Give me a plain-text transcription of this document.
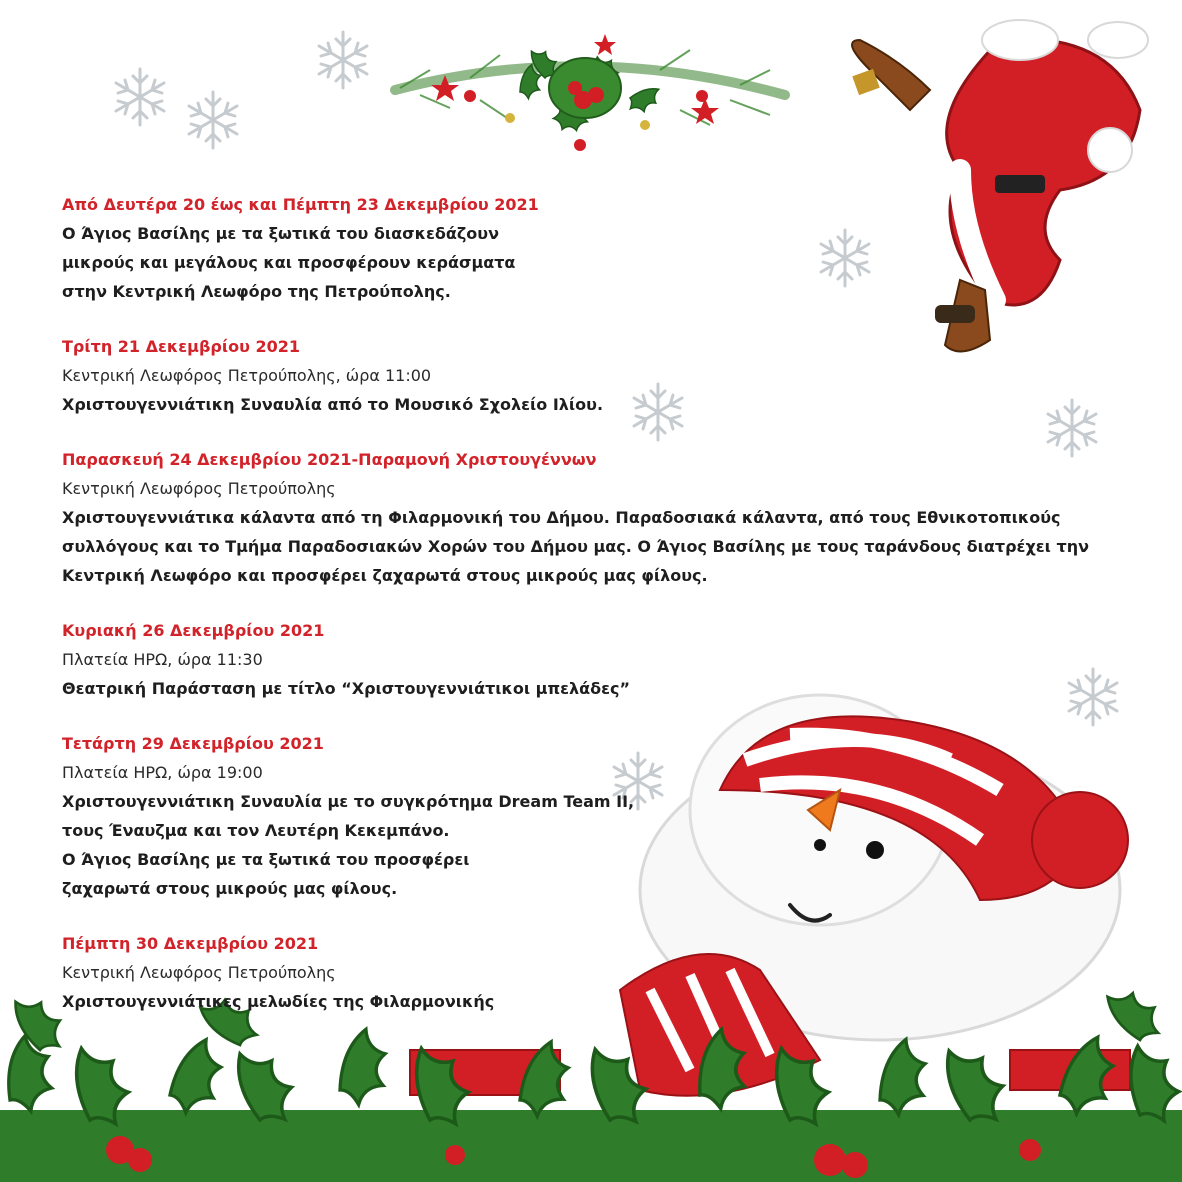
Από Δευτέρα 20 έως και Πέμπτη 23 Δεκεμβρίου 2021
Ο Άγιος Βασίλης με τα ξωτικά του διασκεδάζουν
μικρούς και μεγάλους και προσφέρουν κεράσματα
στην Κεντρική Λεωφόρο της Πετρούπολης.
Τρίτη 21 Δεκεμβρίου 2021
Κεντρική Λεωφόρος Πετρούπολης, ώρα 11:00
Χριστουγεννιάτικη Συναυλία από το Μουσικό Σχολείο Ιλίου.
Παρασκευή 24 Δεκεμβρίου 2021-Παραμονή Χριστουγέννων
Κεντρική Λεωφόρος Πετρούπολης
Χριστουγεννιάτικα κάλαντα από τη Φιλαρμονική του Δήμου. Παραδοσιακά κάλαντα, από τους Εθνικοτοπικούς συλλόγους και το Τμήμα Παραδοσιακών Χορών του Δήμου μας. Ο Άγιος Βασίλης με τους ταράνδους διατρέχει την Κεντρική Λεωφόρο και προσφέρει ζαχαρωτά στους μικρούς μας φίλους.
Κυριακή 26 Δεκεμβρίου 2021
Πλατεία ΗΡΩ, ώρα 11:30
Θεατρική Παράσταση με τίτλο “Χριστουγεννιάτικοι μπελάδες”
Τετάρτη 29 Δεκεμβρίου 2021
Πλατεία ΗΡΩ, ώρα 19:00
Χριστουγεννιάτικη Συναυλία με το συγκρότημα Dream Team II,
τους Έναυζμα και τον Λευτέρη Κεκεμπάνο.
Ο Άγιος Βασίλης με τα ξωτικά του προσφέρει
ζαχαρωτά στους μικρούς μας φίλους.
Πέμπτη 30 Δεκεμβρίου 2021
Κεντρική Λεωφόρος Πετρούπολης
Χριστουγεννιάτικες μελωδίες της Φιλαρμονικής
